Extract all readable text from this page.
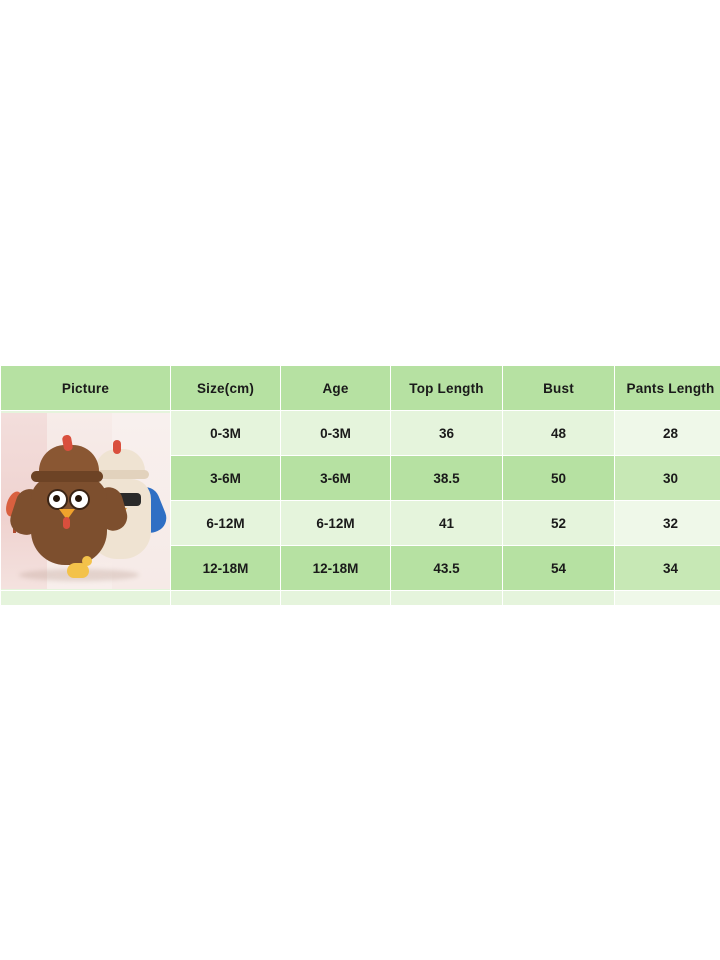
Picture	Size(cm)	Age	Top Length	Bust	Pants Length

	0-3M	0-3M	36	48	28
	3-6M	3-6M	38.5	50	30
	6-12M	6-12M	41	52	32
	12-18M	12-18M	43.5	54	34
